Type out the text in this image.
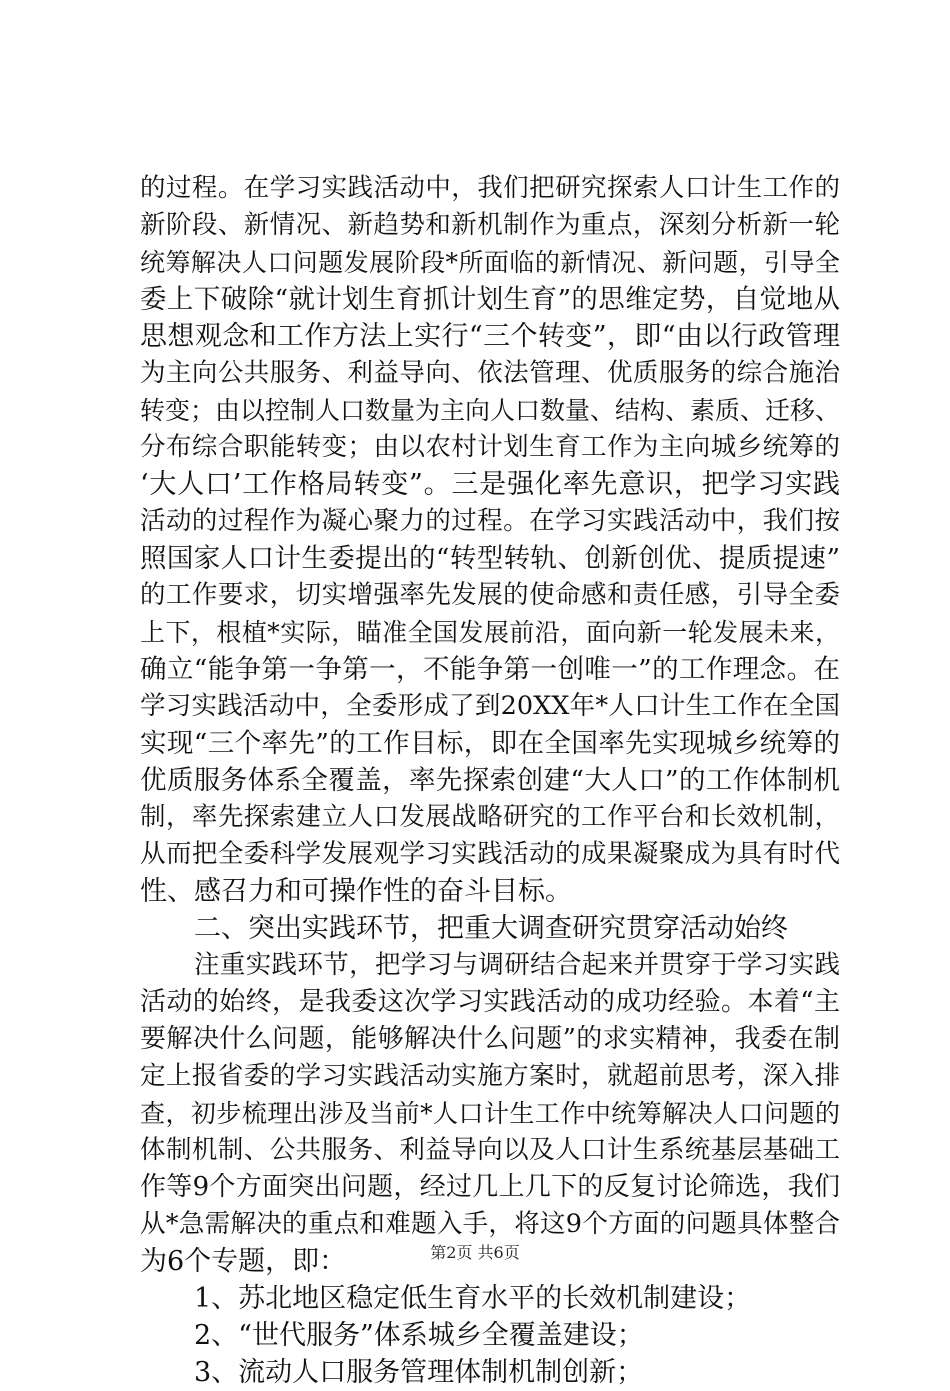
的过程。在学习实践活动中，我们把研究探索人口计生工作的
新阶段、新情况、新趋势和新机制作为重点，深刻分析新一轮
统筹解决人口问题发展阶段*所面临的新情况、新问题，引导全
委上下破除“就计划生育抓计划生育”的思维定势，自觉地从
思想观念和工作方法上实行“三个转变”，即“由以行政管理
为主向公共服务、利益导向、依法管理、优质服务的综合施治
转变；由以控制人口数量为主向人口数量、结构、素质、迁移、
分布综合职能转变；由以农村计划生育工作为主向城乡统筹的
‘大人口’工作格局转变”。三是强化率先意识，把学习实践
活动的过程作为凝心聚力的过程。在学习实践活动中，我们按
照国家人口计生委提出的“转型转轨、创新创优、提质提速”
的工作要求，切实增强率先发展的使命感和责任感，引导全委
上下，根植*实际，瞄准全国发展前沿，面向新一轮发展未来，
确立“能争第一争第一，不能争第一创唯一”的工作理念。在
学习实践活动中，全委形成了到20XX年*人口计生工作在全国
实现“三个率先”的工作目标，即在全国率先实现城乡统筹的
优质服务体系全覆盖，率先探索创建“大人口”的工作体制机
制，率先探索建立人口发展战略研究的工作平台和长效机制，
从而把全委科学发展观学习实践活动的成果凝聚成为具有时代
性、感召力和可操作性的奋斗目标。
二、突出实践环节，把重大调查研究贯穿活动始终
注重实践环节，把学习与调研结合起来并贯穿于学习实践
活动的始终，是我委这次学习实践活动的成功经验。本着“主
要解决什么问题，能够解决什么问题”的求实精神，我委在制
定上报省委的学习实践活动实施方案时，就超前思考，深入排
查，初步梳理出涉及当前*人口计生工作中统筹解决人口问题的
体制机制、公共服务、利益导向以及人口计生系统基层基础工
作等9个方面突出问题，经过几上几下的反复讨论筛选，我们
从*急需解决的重点和难题入手，将这9个方面的问题具体整合
为6个专题，即：
1、苏北地区稳定低生育水平的长效机制建设；
2、“世代服务”体系城乡全覆盖建设；
3、流动人口服务管理体制机制创新；
第2页 共6页
